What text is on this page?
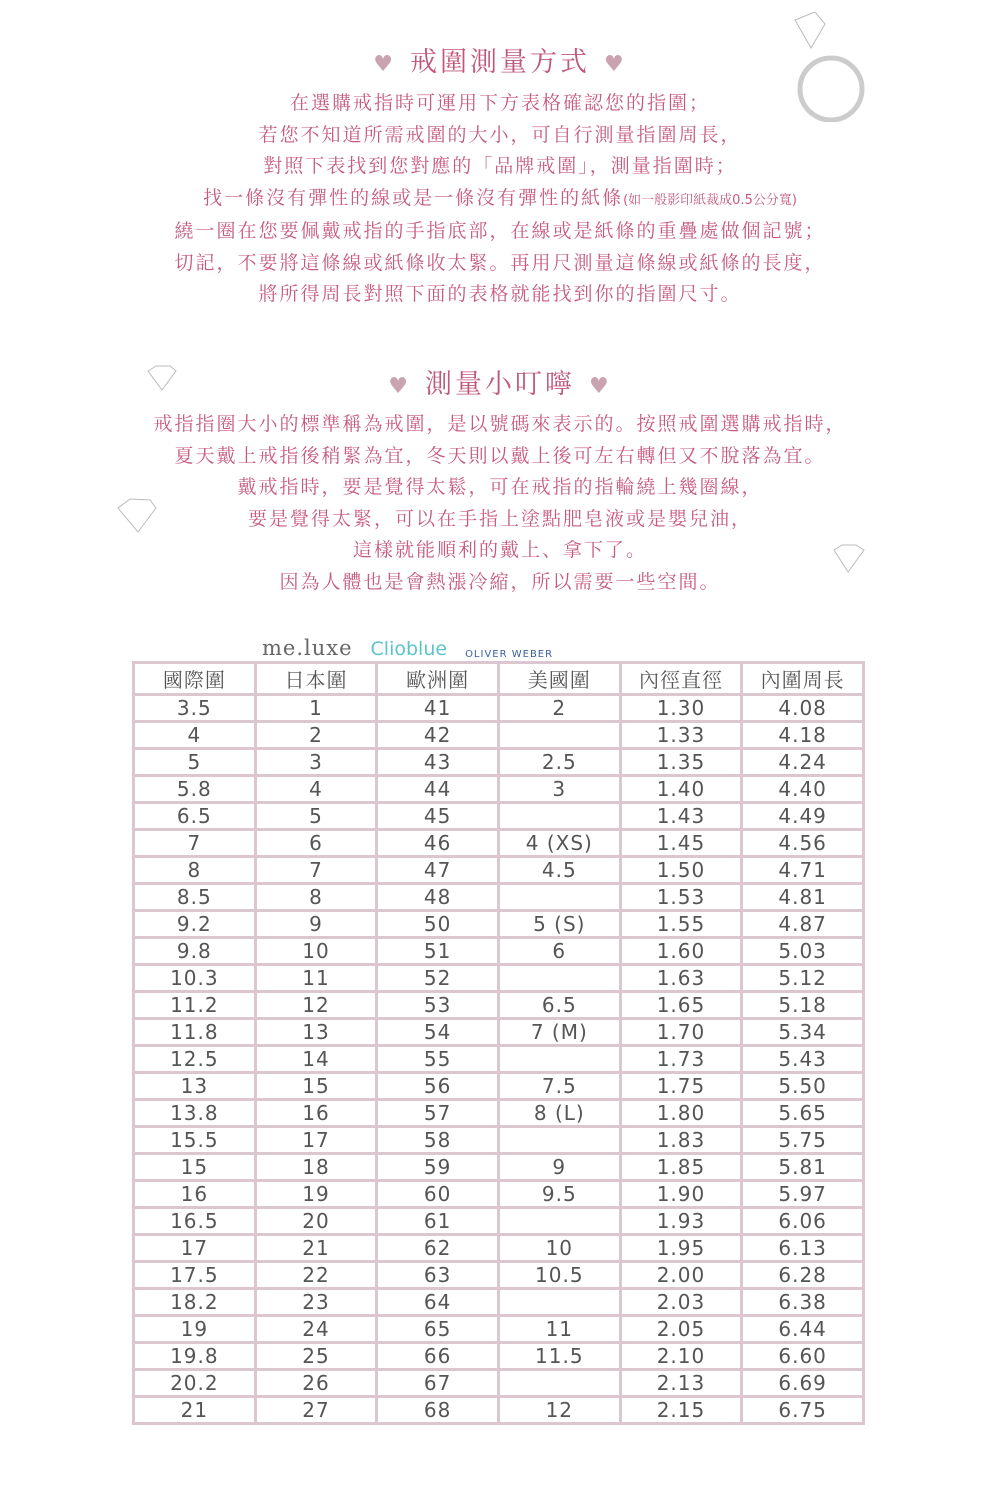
♥ 戒圍測量方式 ♥
在選購戒指時可運用下方表格確認您的指圍；
若您不知道所需戒圍的大小，可自行測量指圍周長，
對照下表找到您對應的「品牌戒圍」，測量指圍時；
找一條沒有彈性的線或是一條沒有彈性的紙條(如一般影印紙裁成0.5公分寬)
繞一圈在您要佩戴戒指的手指底部，在線或是紙條的重疊處做個記號；
切記，不要將這條線或紙條收太緊。再用尺測量這條線或紙條的長度，
將所得周長對照下面的表格就能找到你的指圍尺寸。
♥ 測量小叮嚀 ♥
戒指指圈大小的標準稱為戒圍，是以號碼來表示的。按照戒圍選購戒指時，
夏天戴上戒指後稍緊為宜，冬天則以戴上後可左右轉但又不脫落為宜。
戴戒指時，要是覺得太鬆，可在戒指的指輪繞上幾圈線，
要是覺得太緊，可以在手指上塗點肥皂液或是嬰兒油，
這樣就能順利的戴上、拿下了。
因為人體也是會熱漲冷縮，所以需要一些空間。
me.luxe Clioblue OLIVER WEBER
國際圍	日本圍	歐洲圍	美國圍	內徑直徑	內圍周長
3.5	1	41	2	1.30	4.08
4	2	42		1.33	4.18
5	3	43	2.5	1.35	4.24
5.8	4	44	3	1.40	4.40
6.5	5	45		1.43	4.49
7	6	46	4 (XS)	1.45	4.56
8	7	47	4.5	1.50	4.71
8.5	8	48		1.53	4.81
9.2	9	50	5 (S)	1.55	4.87
9.8	10	51	6	1.60	5.03
10.3	11	52		1.63	5.12
11.2	12	53	6.5	1.65	5.18
11.8	13	54	7 (M)	1.70	5.34
12.5	14	55		1.73	5.43
13	15	56	7.5	1.75	5.50
13.8	16	57	8 (L)	1.80	5.65
15.5	17	58		1.83	5.75
15	18	59	9	1.85	5.81
16	19	60	9.5	1.90	5.97
16.5	20	61		1.93	6.06
17	21	62	10	1.95	6.13
17.5	22	63	10.5	2.00	6.28
18.2	23	64		2.03	6.38
19	24	65	11	2.05	6.44
19.8	25	66	11.5	2.10	6.60
20.2	26	67		2.13	6.69
21	27	68	12	2.15	6.75
